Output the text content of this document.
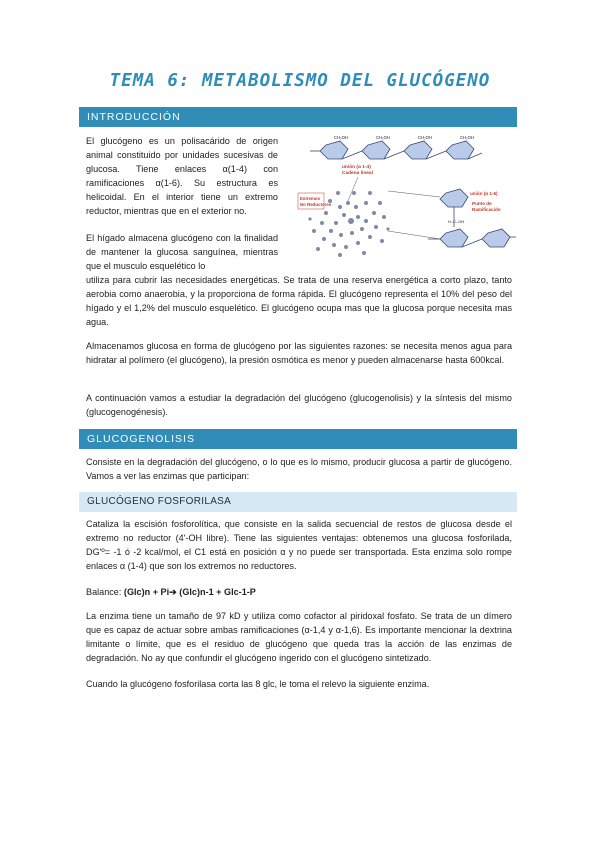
TEMA 6: METABOLISMO DEL GLUCÓGENO
INTRODUCCIÓN

El glucógeno es un polisacárido de origen animal constituido por unidades sucesivas de glucosa. Tiene enlaces α(1-4) con ramificaciones α(1-6). Su estructura es helicoidal. En el interior tiene un extremo reductor, mientras que en el exterior no.

CH₂OH	CH₂OH	CH₂OH	CH₂OH
unión (α 1-4)
Cadena lineal
Extremos
No Reductores
unión (α 1-6)
Punto de
Ramificación
H–C–OH

El hígado almacena glucógeno con la finalidad de mantener la glucosa sanguínea, mientras que el musculo esquelético lo

utiliza para cubrir las necesidades energéticas. Se trata de una reserva energética a corto plazo, tanto aerobia como anaerobia, y la proporciona de forma rápida. El glucógeno representa el 10% del peso del hígado y el 1,2% del musculo esquelético. El glucógeno ocupa mas que la glucosa porque necesita mas agua.

Almacenamos glucosa en forma de glucógeno por las siguientes razones: se necesita menos agua para hidratar al polímero (el glucógeno), la presión osmótica es menor y pueden almacenarse hasta 600kcal.

A continuación vamos a estudiar la degradación del glucógeno (glucogenolisis) y la síntesis del mismo (glucogenogénesis).

GLUCOGENOLISIS

Consiste en la degradación del glucógeno, o lo que es lo mismo, producir glucosa a partir de glucógeno. Vamos a ver las enzimas que participan:

GLUCÓGENO FOSFORILASA

Cataliza la escisión fosforolítica, que consiste en la salida secuencial de restos de glucosa desde el extremo no reductor (4'-OH libre). Tiene las siguientes ventajas: obtenemos una glucosa fosforilada, DG'º= -1 ó -2 kcal/mol, el C1 está en posición α y no puede ser transportada. Esta enzima solo rompe enlaces α (1-4) que son los extremos no reductores.

Balance: (Glc)n + Pi➔ (Glc)n-1 + Glc-1-P

La enzima tiene un tamaño de 97 kD y utiliza como cofactor al piridoxal fosfato. Se trata de un dímero que es capaz de actuar sobre ambas ramificaciones (α-1,4 y α-1,6). Es importante mencionar la dextrina limitante o límite, que es el residuo de glucógeno que queda tras la acción de las enzimas de degradación. No ay que confundir el glucógeno ingerido con el glucógeno sintetizado.

Cuando la glucógeno fosforilasa corta las 8 glc, le toma el relevo la siguiente enzima.
